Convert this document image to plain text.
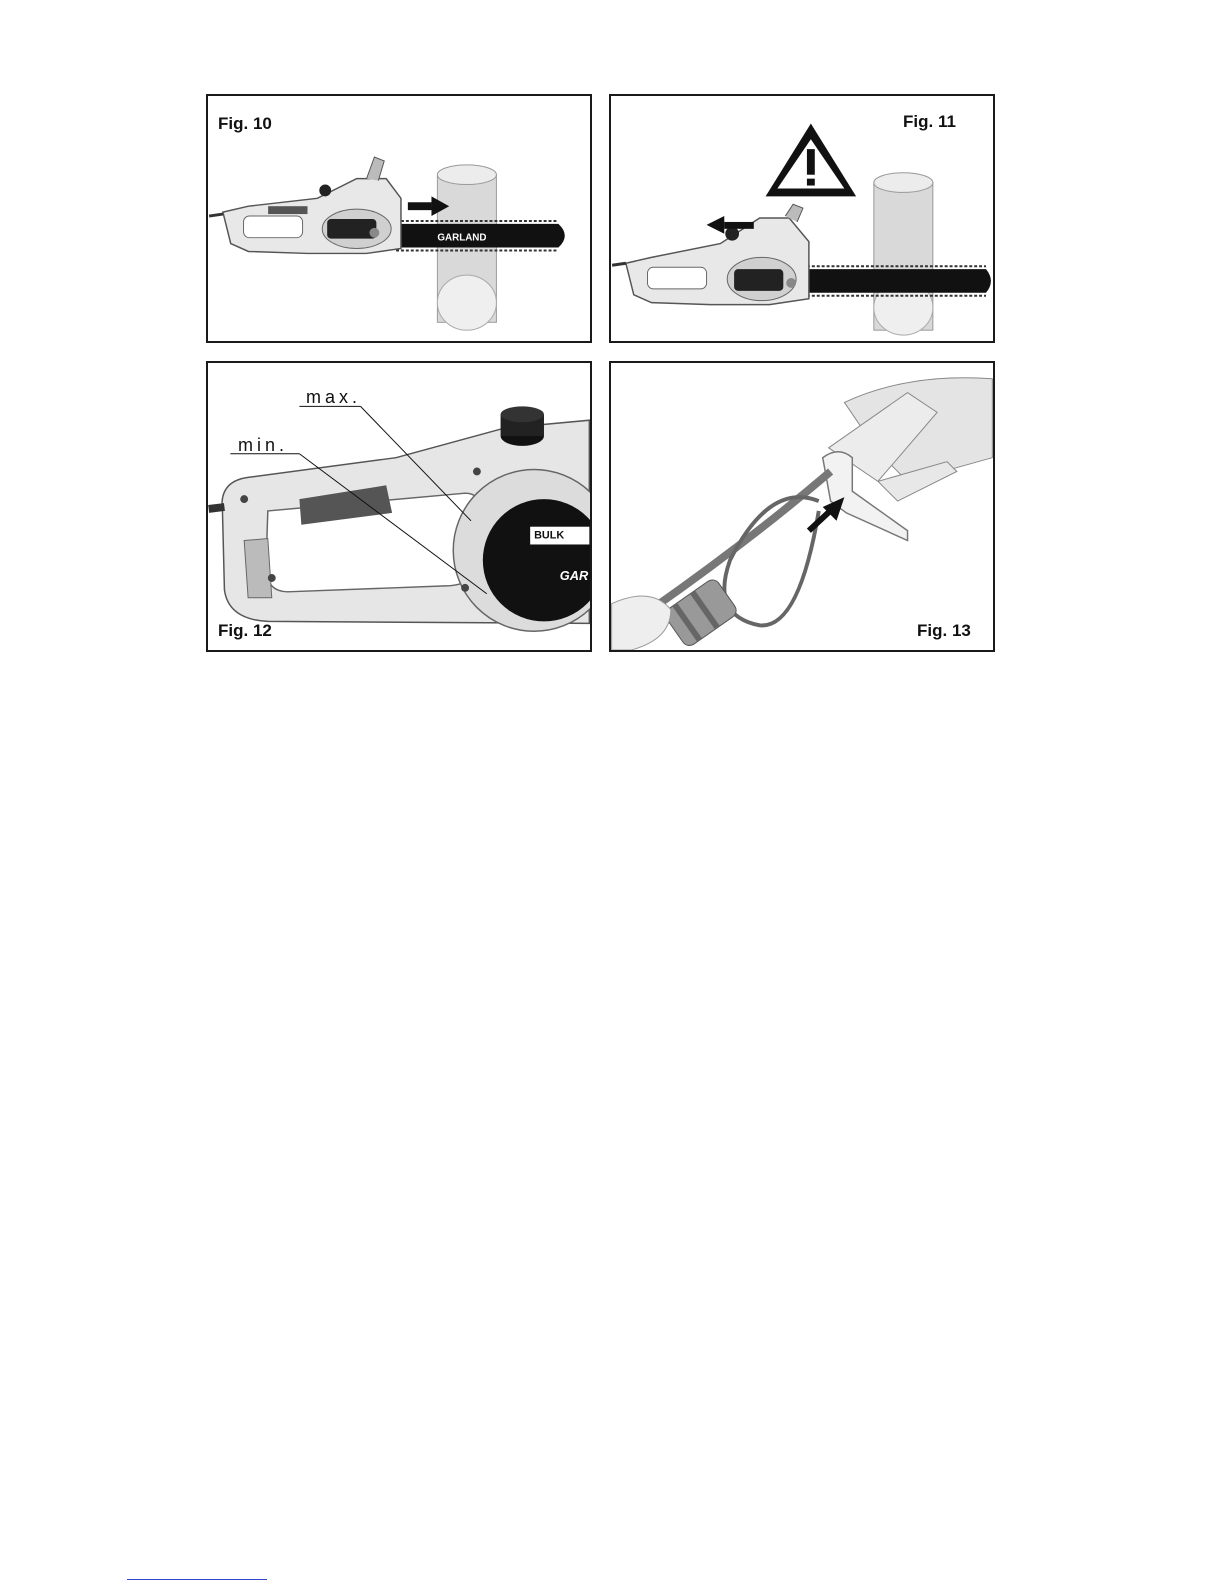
GARLAND
Fig. 10	Fig. 11
BULK
GAR
max.
min.
Fig. 12	Fig. 13
